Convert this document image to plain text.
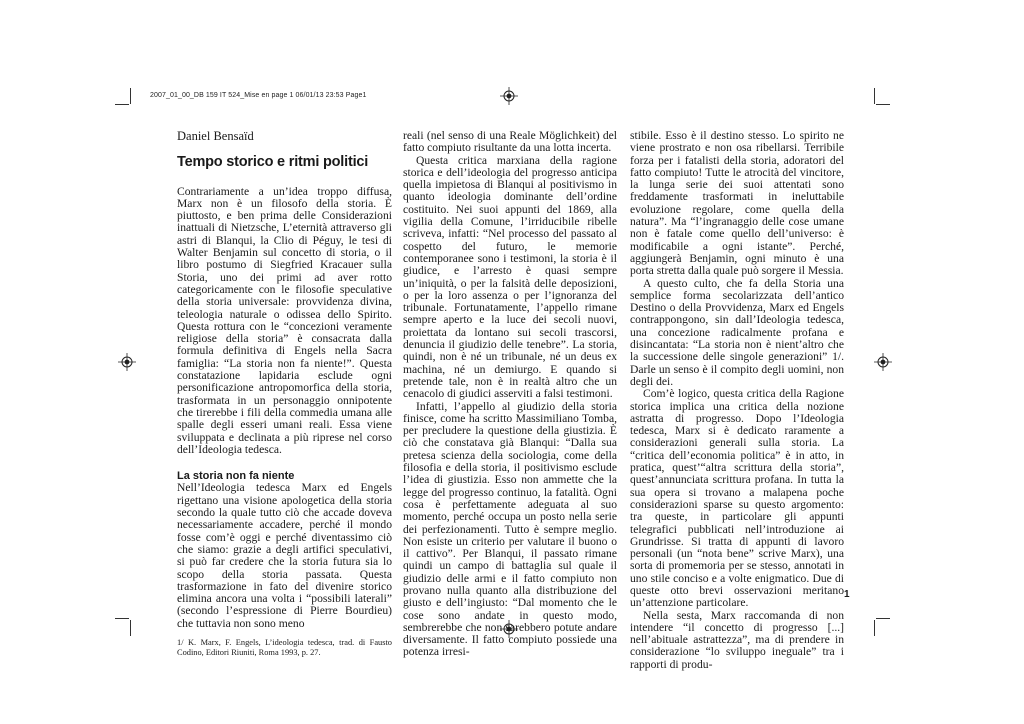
2007_01_00_DB 159 IT 524_Mise en page 1 06/01/13 23:53 Page1
Daniel Bensaïd
Tempo storico e ritmi politici

Contrariamente a un’idea troppo diffusa, Marx non è un filosofo della storia. È piuttosto, e ben prima delle Considerazioni inattuali di Nietzsche, L’eternità attraverso gli astri di Blanqui, la Clio di Péguy, le tesi di Walter Benjamin sul concetto di storia, o il libro postumo di Siegfried Kracauer sulla Storia, uno dei primi ad aver rotto categoricamente con le filosofie speculative della storia universale: provvidenza divina, teleologia naturale o odissea dello Spirito. Questa rottura con le “concezioni veramente religiose della storia” è consacrata dalla formula definitiva di Engels nella Sacra famiglia: “La storia non fa niente!”. Questa constatazione lapidaria esclude ogni personificazione antropomorfica della storia, trasformata in un personaggio onnipotente che tirerebbe i fili della commedia umana alle spalle degli esseri umani reali. Essa viene sviluppata e declinata a più riprese nel corso dell’Ideologia tedesca.

La storia non fa niente

Nell’Ideologia tedesca Marx ed Engels rigettano una visione apologetica della storia secondo la quale tutto ciò che accade doveva necessariamente accadere, perché il mondo fosse com’è oggi e perché diventassimo ciò che siamo: grazie a degli artifici speculativi, si può far credere che la storia futura sia lo scopo della storia passata. Questa trasformazione in fato del divenire storico elimina ancora una volta i “possibili laterali” (secondo l’espressione di Pierre Bourdieu) che tuttavia non sono meno

1/ K. Marx, F. Engels, L’ideologia tedesca, trad. di Fausto Codino, Editori Riuniti, Roma 1993, p. 27.

reali (nel senso di una Reale Möglichkeit) del fatto compiuto risultante da una lotta incerta.

Questa critica marxiana della ragione storica e dell’ideologia del progresso anticipa quella impietosa di Blanqui al positivismo in quanto ideologia dominante dell’ordine costituito. Nei suoi appunti del 1869, alla vigilia della Comune, l’irriducibile ribelle scriveva, infatti: “Nel processo del passato al cospetto del futuro, le memorie contemporanee sono i testimoni, la storia è il giudice, e l’arresto è quasi sempre un’iniquità, o per la falsità delle deposizioni, o per la loro assenza o per l’ignoranza del tribunale. Fortunatamente, l’appello rimane sempre aperto e la luce dei secoli nuovi, proiettata da lontano sui secoli trascorsi, denuncia il giudizio delle tenebre”. La storia, quindi, non è né un tribunale, né un deus ex machina, né un demiurgo. E quando si pretende tale, non è in realtà altro che un cenacolo di giudici asserviti a falsi testimoni.

Infatti, l’appello al giudizio della storia finisce, come ha scritto Massimiliano Tomba, per precludere la questione della giustizia. È ciò che constatava già Blanqui: “Dalla sua pretesa scienza della sociologia, come della filosofia e della storia, il positivismo esclude l’idea di giustizia. Esso non ammette che la legge del progresso continuo, la fatalità. Ogni cosa è perfettamente adeguata al suo momento, perché occupa un posto nella serie dei perfezionamenti. Tutto è sempre meglio. Non esiste un criterio per valutare il buono o il cattivo”. Per Blanqui, il passato rimane quindi un campo di battaglia sul quale il giudizio delle armi e il fatto compiuto non provano nulla quanto alla distribuzione del giusto e dell’ingiusto: “Dal momento che le cose sono andate in questo modo, sembrerebbe che non sarebbero potute andare diversamente. Il fatto compiuto possiede una potenza irresi-

stibile. Esso è il destino stesso. Lo spirito ne viene prostrato e non osa ribellarsi. Terribile forza per i fatalisti della storia, adoratori del fatto compiuto! Tutte le atrocità del vincitore, la lunga serie dei suoi attentati sono freddamente trasformati in ineluttabile evoluzione regolare, come quella della natura”. Ma “l’ingranaggio delle cose umane non è fatale come quello dell’universo: è modificabile a ogni istante”. Perché, aggiungerà Benjamin, ogni minuto è una porta stretta dalla quale può sorgere il Messia.

A questo culto, che fa della Storia una semplice forma secolarizzata dell’antico Destino o della Provvidenza, Marx ed Engels contrappongono, sin dall’Ideologia tedesca, una concezione radicalmente profana e disincantata: “La storia non è nient’altro che la successione delle singole generazioni” 1/. Darle un senso è il compito degli uomini, non degli dei.

Com’è logico, questa critica della Ragione storica implica una critica della nozione astratta di progresso. Dopo l’Ideologia tedesca, Marx si è dedicato raramente a considerazioni generali sulla storia. La “critica dell’economia politica” è in atto, in pratica, quest’“altra scrittura della storia”, quest’annunciata scrittura profana. In tutta la sua opera si trovano a malapena poche considerazioni sparse su questo argomento: tra queste, in particolare gli appunti telegrafici pubblicati nell’introduzione ai Grundrisse. Si tratta di appunti di lavoro personali (un “nota bene” scrive Marx), una sorta di promemoria per se stesso, annotati in uno stile conciso e a volte enigmatico. Due di queste otto brevi osservazioni meritano un’attenzione particolare.

Nella sesta, Marx raccomanda di non intendere “il concetto di progresso [...] nell’abituale astrattezza”, ma di prendere in considerazione “lo sviluppo ineguale” tra i rapporti di produ-

1
